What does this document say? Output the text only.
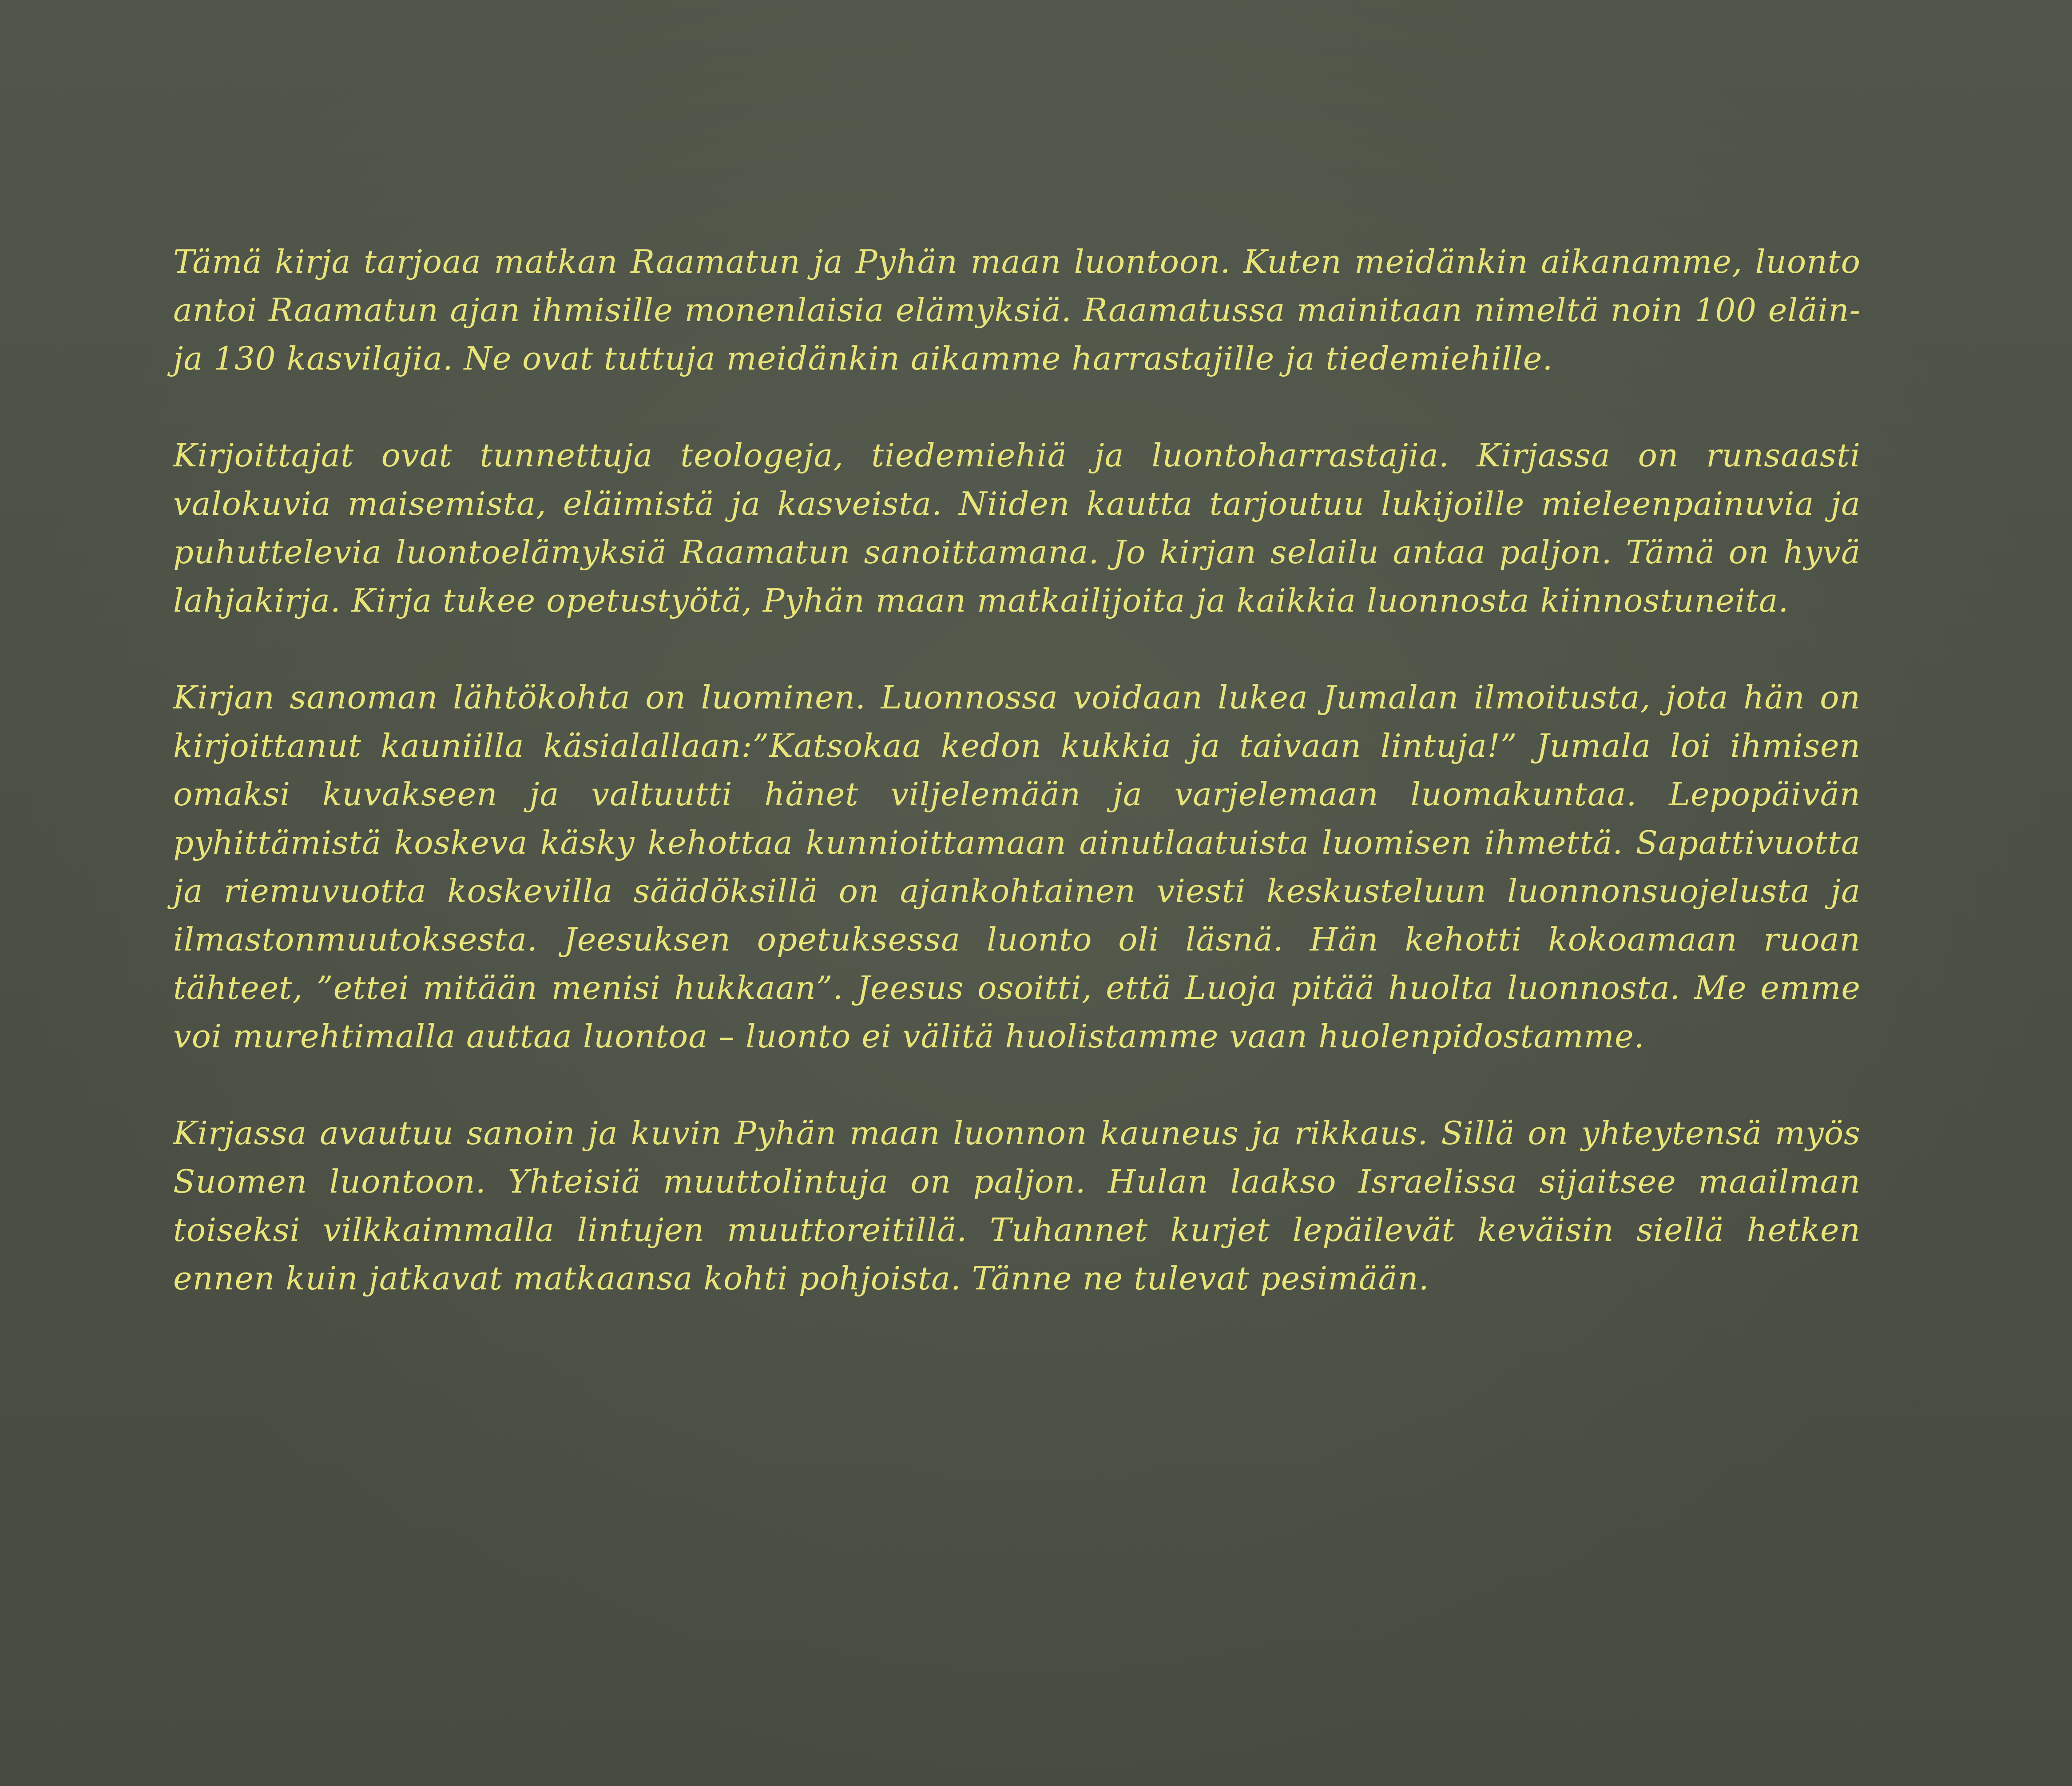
Tämä kirja tarjoaa matkan Raamatun ja Pyhän maan luontoon. Kuten meidänkin aikanamme, luonto antoi Raamatun ajan ihmisille monenlaisia elämyksiä. Raamatussa mainitaan nimeltä noin 100 eläin- ja 130 kasvilajia. Ne ovat tuttuja meidänkin aikamme harrastajille ja tiedemiehille.

Kirjoittajat ovat tunnettuja teologeja, tiedemiehiä ja luontoharrastajia. Kirjassa on runsaasti valokuvia maisemista, eläimistä ja kasveista. Niiden kautta tarjoutuu lukijoille mieleenpainuvia ja puhuttelevia luontoelämyksiä Raamatun sanoittamana. Jo kirjan selailu antaa paljon. Tämä on hyvä lahjakirja. Kirja tukee opetustyötä, Pyhän maan matkailijoita ja kaikkia luonnosta kiinnostuneita.

Kirjan sanoman lähtökohta on luominen. Luonnossa voidaan lukea Jumalan ilmoitusta, jota hän on kirjoittanut kauniilla käsialallaan:”Katsokaa kedon kukkia ja taivaan lintuja!” Jumala loi ihmisen omaksi kuvakseen ja valtuutti hänet viljelemään ja varjelemaan luomakuntaa. Lepopäivän pyhittämistä koskeva käsky kehottaa kunnioittamaan ainutlaatuista luomisen ihmettä. Sapattivuotta ja riemuvuotta koskevilla säädöksillä on ajankohtainen viesti keskusteluun luonnonsuojelusta ja ilmastonmuutoksesta. Jeesuksen opetuksessa luonto oli läsnä. Hän kehotti kokoamaan ruoan tähteet, ”ettei mitään menisi hukkaan”. Jeesus osoitti, että Luoja pitää huolta luonnosta. Me emme voi murehtimalla auttaa luontoa – luonto ei välitä huolistamme vaan huolenpidostamme.

Kirjassa avautuu sanoin ja kuvin Pyhän maan luonnon kauneus ja rikkaus. Sillä on yhteytensä myös Suomen luontoon. Yhteisiä muuttolintuja on paljon. Hulan laakso Israelissa sijaitsee maailman toiseksi vilkkaimmalla lintujen muuttoreitillä. Tuhannet kurjet lepäilevät keväisin siellä hetken ennen kuin jatkavat matkaansa kohti pohjoista. Tänne ne tulevat pesimään.
